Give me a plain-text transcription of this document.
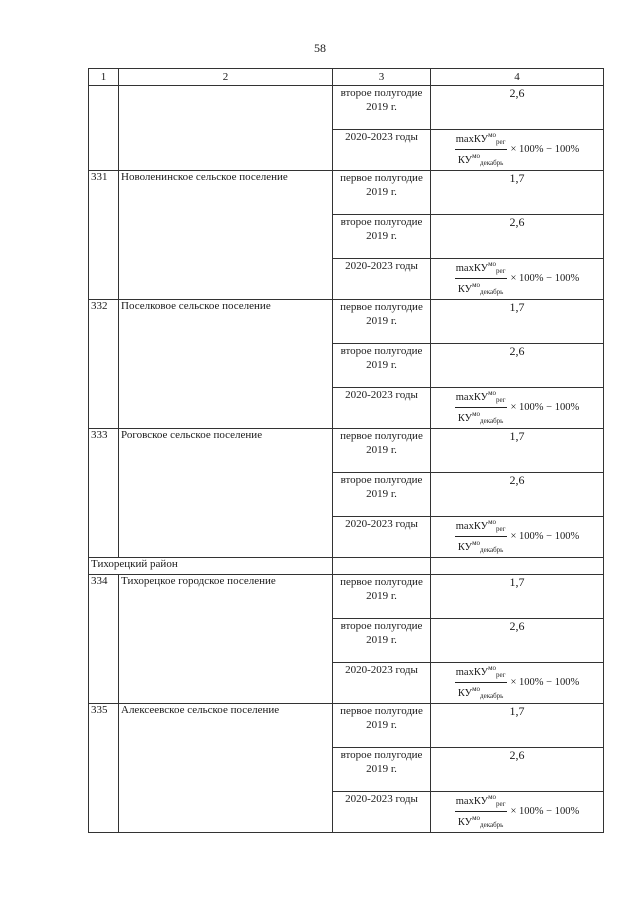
58
1	2	3	4
		второе полугодие 2019 г.	2,6
		2020-2023 годы	$\frac{\max КУ^{мо}_{рег}}{КУ^{мо}_{декабрь}} \times 100\% - 100\%$

331	Новоленинское сельское поселение	первое полугодие 2019 г.	1,7
		второе полугодие 2019 г.	2,6
		2020-2023 годы	$\frac{\max КУ^{мо}_{рег}}{КУ^{мо}_{декабрь}} \times 100\% - 100\%$

332	Поселковое сельское поселение	первое полугодие 2019 г.	1,7
		второе полугодие 2019 г.	2,6
		2020-2023 годы	$\frac{\max КУ^{мо}_{рег}}{КУ^{мо}_{декабрь}} \times 100\% - 100\%$

333	Роговское сельское поселение	первое полугодие 2019 г.	1,7
		второе полугодие 2019 г.	2,6
		2020-2023 годы	$\frac{\max КУ^{мо}_{рег}}{КУ^{мо}_{декабрь}} \times 100\% - 100\%$

Тихорецкий район			
334	Тихорецкое городское поселение	первое полугодие 2019 г.	1,7
		второе полугодие 2019 г.	2,6
		2020-2023 годы	$\frac{\max КУ^{мо}_{рег}}{КУ^{мо}_{декабрь}} \times 100\% - 100\%$

335	Алексеевское сельское поселение	первое полугодие 2019 г.	1,7
		второе полугодие 2019 г.	2,6
		2020-2023 годы	$\frac{\max КУ^{мо}_{рег}}{КУ^{мо}_{декабрь}} \times 100\% - 100\%$
